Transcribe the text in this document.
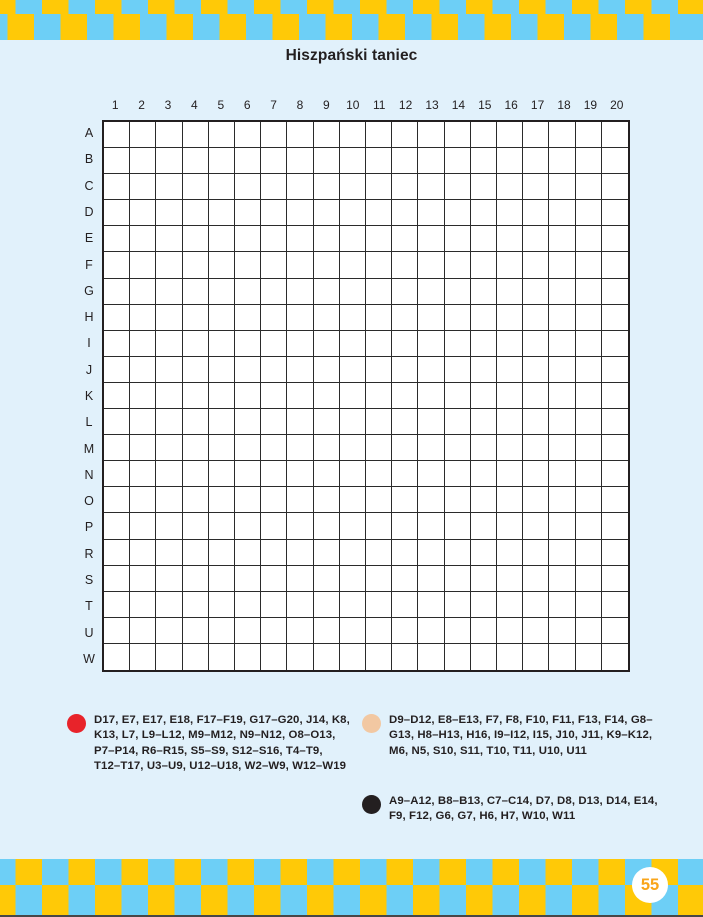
Hiszpański taniec
1	2	3	4	5	6	7	8	9	10	11	12	13	14	15	16	17	18	19	20
A
B
C
D
E
F
G
H
I
J
K
L
M
N
O
P
R
S
T
U
W

D17, E7, E17, E18, F17–F19, G17–G20, J14, K8, K13, L7, L9–L12, M9–M12, N9–N12, O8–O13, P7–P14, R6–R15, S5–S9, S12–S16, T4–T9, T12–T17, U3–U9, U12–U18, W2–W9, W12–W19

D9–D12, E8–E13, F7, F8, F10, F11, F13, F14, G8–G13, H8–H13, H16, I9–I12, I15, J10, J11, K9–K12, M6, N5, S10, S11, T10, T11, U10, U11

A9–A12, B8–B13, C7–C14, D7, D8, D13, D14, E14, F9, F12, G6, G7, H6, H7, W10, W11

55
